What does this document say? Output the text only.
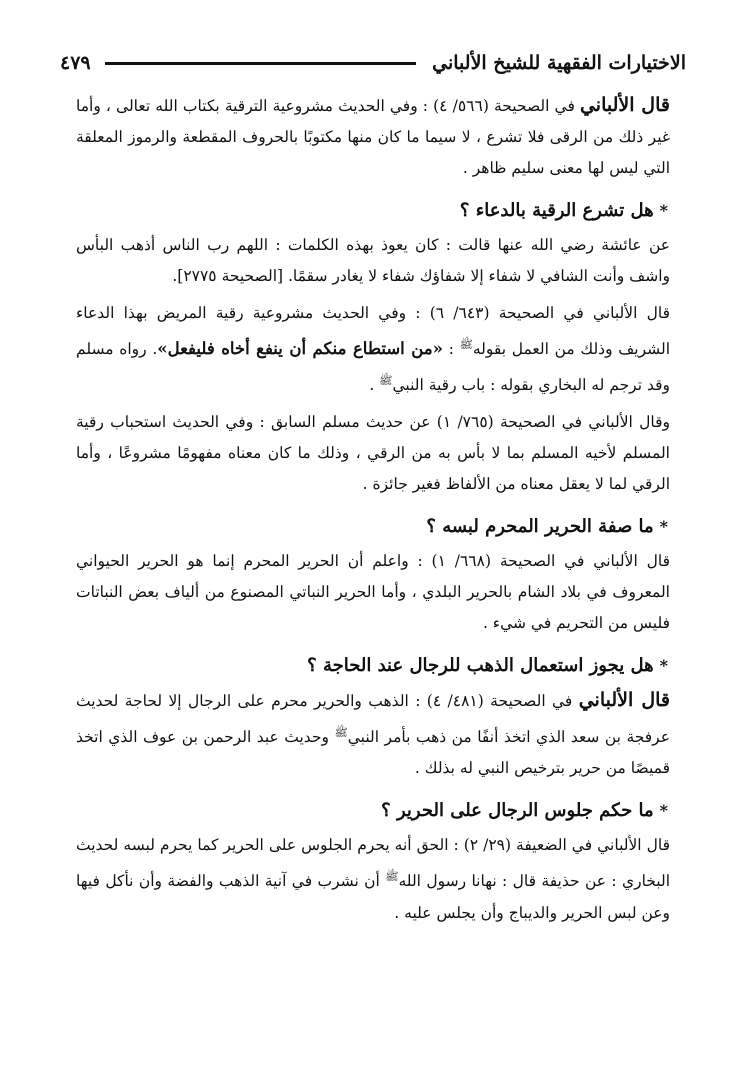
الاختيارات الفقهية للشيخ الألباني
٤٧٩

قال الألباني في الصحيحة (٥٦٦/ ٤) : وفي الحديث مشروعية الترقية بكتاب الله تعالى ، وأما غير ذلك من الرقى فلا تشرع ، لا سيما ما كان منها مكتوبًا بالحروف المقطعة والرموز المعلقة التي ليس لها معنى سليم ظاهر .

*هل تشرع الرقية بالدعاء ؟

عن عائشة رضي الله عنها قالت : كان يعوذ بهذه الكلمات : اللهم رب الناس أذهب البأس واشف وأنت الشافي لا شفاء إلا شفاؤك شفاء لا يغادر سقمًا. [الصحيحة ٢٧٧٥].

قال الألباني في الصحيحة (٦٤٣/ ٦) : وفي الحديث مشروعية رقية المريض بهذا الدعاء الشريف وذلك من العمل بقوله$^ﷺ$ : «من استطاع منكم أن ينفع أخاه فليفعل». رواه مسلم وقد ترجم له البخاري بقوله : باب رقية النبي$^ﷺ$ .

وقال الألباني في الصحيحة (٧٦٥/ ١) عن حديث مسلم السابق : وفي الحديث استحباب رقية المسلم لأخيه المسلم بما لا بأس به من الرقي ، وذلك ما كان معناه مفهومًا مشروعًا ، وأما الرقي لما لا يعقل معناه من الألفاظ فغير جائزة .

*ما صفة الحرير المحرم لبسه ؟

قال الألباني في الصحيحة (٦٦٨/ ١) : واعلم أن الحرير المحرم إنما هو الحرير الحيواني المعروف في بلاد الشام بالحرير البلدي ، وأما الحرير النباتي المصنوع من ألياف بعض النباتات فليس من التحريم في شيء .

*هل يجوز استعمال الذهب للرجال عند الحاجة ؟

قال الألباني في الصحيحة (٤٨١/ ٤) : الذهب والحرير محرم على الرجال إلا لحاجة لحديث عرفجة بن سعد الذي اتخذ أنفًا من ذهب بأمر النبي$^ﷺ$ وحديث عبد الرحمن بن عوف الذي اتخذ قميصًا من حرير بترخيص النبي له بذلك .

*ما حكم جلوس الرجال على الحرير ؟

قال الألباني في الضعيفة (٢٩/ ٢) : الحق أنه يحرم الجلوس على الحرير كما يحرم لبسه لحديث البخاري : عن حذيفة قال : نهانا رسول الله$^ﷺ$ أن نشرب في آنية الذهب والفضة وأن نأكل فيها وعن لبس الحرير والديباج وأن يجلس عليه .
